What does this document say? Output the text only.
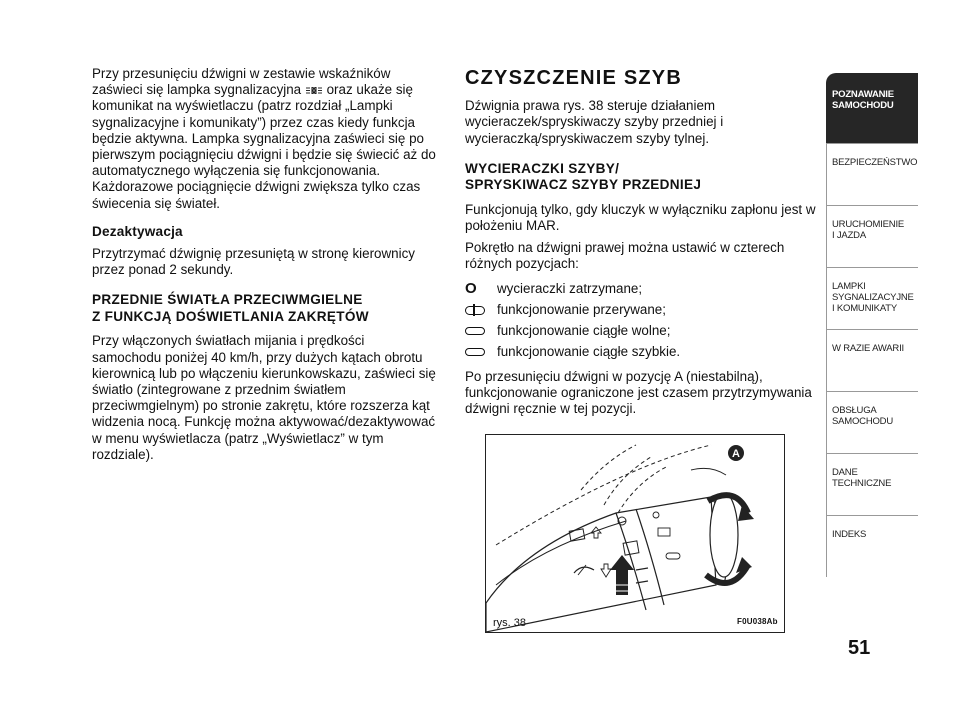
Przy przesunięciu dźwigni w zestawie wskaźników zaświeci się lampka sygnalizacyjna oraz ukaże się komunikat na wyświetlaczu (patrz rozdział „Lampki sygnalizacyjne i komunikaty”) przez czas kiedy funkcja będzie aktywna. Lampka sygnalizacyjna zaświeci się po pierwszym pociągnięciu dźwigni i będzie się świecić aż do automatycznego wyłączenia się funkcjonowania. Każdorazowe pociągnięcie dźwigni zwiększa tylko czas świecenia się świateł.

Dezaktywacja

Przytrzymać dźwignię przesuniętą w stronę kierownicy przez ponad 2 sekundy.

PRZEDNIE ŚWIATŁA PRZECIWMGIELNE
Z FUNKCJĄ DOŚWIETLANIA ZAKRĘTÓW

Przy włączonych światłach mijania i prędkości samochodu poniżej 40 km/h, przy dużych kątach obrotu kierownicą lub po włączeniu kierunkowskazu, zaświeci się światło (zintegrowane z przednim światłem przeciwmgielnym) po stronie zakrętu, które rozszerza kąt widzenia nocą. Funkcję można aktywować/dezaktywować w menu wyświetlacza (patrz „Wyświetlacz” w tym rozdziale).

CZYSZCZENIE SZYB

Dźwignia prawa rys. 38 steruje działaniem wycieraczek/spryskiwaczy szyby przedniej i wycieraczką/spryskiwaczem szyby tylnej.

WYCIERACZKI SZYBY/
SPRYSKIWACZ SZYBY PRZEDNIEJ

Funkcjonują tylko, gdy kluczyk w wyłączniku zapłonu jest w położeniu MAR.

Pokrętło na dźwigni prawej można ustawić w czterech różnych pozycjach:

O	wycieraczki zatrzymane;
funkcjonowanie przerywane;
funkcjonowanie ciągłe wolne;
funkcjonowanie ciągłe szybkie.

Po przesunięciu dźwigni w pozycję A (niestabilną), funkcjonowanie ograniczone jest czasem przytrzymywania dźwigni ręcznie w tej pozycji.

A
rys. 38	F0U038Ab
POZNAWANIE
SAMOCHODU
BEZPIECZEŃSTWO
URUCHOMIENIE
I JAZDA
LAMPKI
SYGNALIZACYJNE
I KOMUNIKATY
W RAZIE AWARII
OBSŁUGA
SAMOCHODU
DANE
TECHNICZNE
INDEKS
51
